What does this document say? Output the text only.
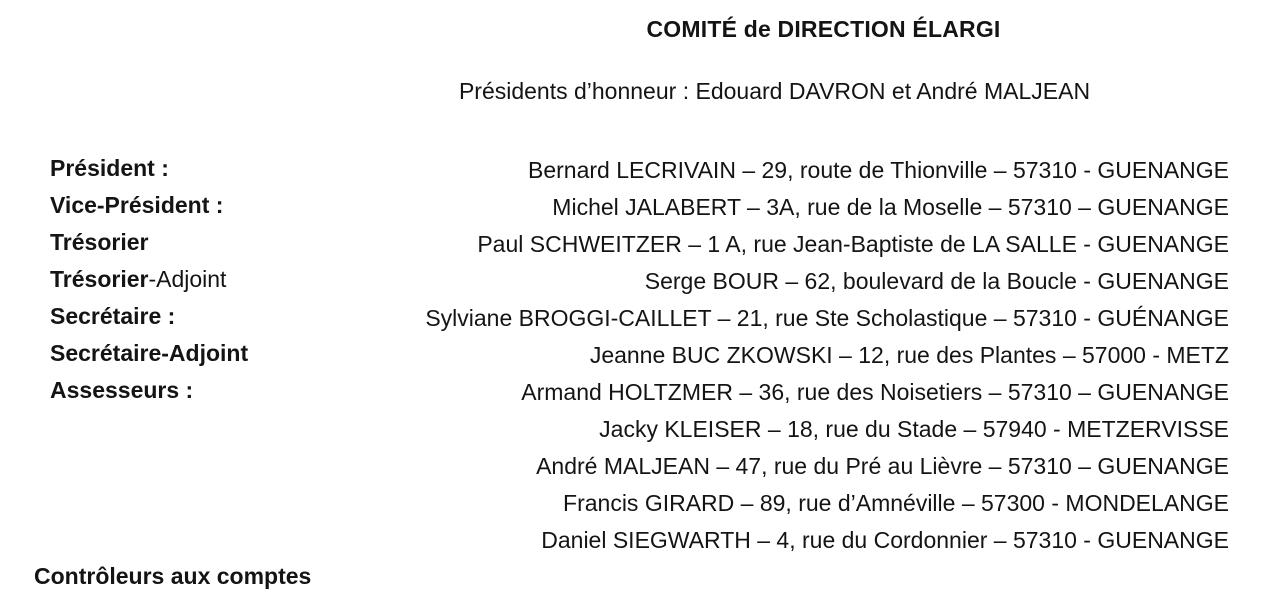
COMITÉ de DIRECTION ÉLARGI
Présidents d’honneur : Edouard DAVRON et André MALJEAN
Président :
Vice-Président :
Trésorier
Trésorier-Adjoint
Secrétaire :
Secrétaire-Adjoint
Assesseurs :
Bernard LECRIVAIN – 29, route de Thionville – 57310 - GUENANGE
Michel JALABERT – 3A, rue de la Moselle – 57310 – GUENANGE
Paul SCHWEITZER – 1 A, rue Jean-Baptiste de LA SALLE - GUENANGE
Serge BOUR – 62, boulevard de la Boucle - GUENANGE
Sylviane BROGGI-CAILLET – 21, rue Ste Scholastique – 57310 - GUÉNANGE
Jeanne BUC ZKOWSKI – 12, rue des Plantes – 57000 - METZ
Armand HOLTZMER – 36, rue des Noisetiers – 57310 – GUENANGE
Jacky KLEISER – 18, rue du Stade – 57940 - METZERVISSE
André MALJEAN – 47, rue du Pré au Lièvre – 57310 – GUENANGE
Francis GIRARD – 89, rue d’Amnéville – 57300 - MONDELANGE
Daniel SIEGWARTH – 4, rue du Cordonnier – 57310 - GUENANGE
Contrôleurs aux comptes
